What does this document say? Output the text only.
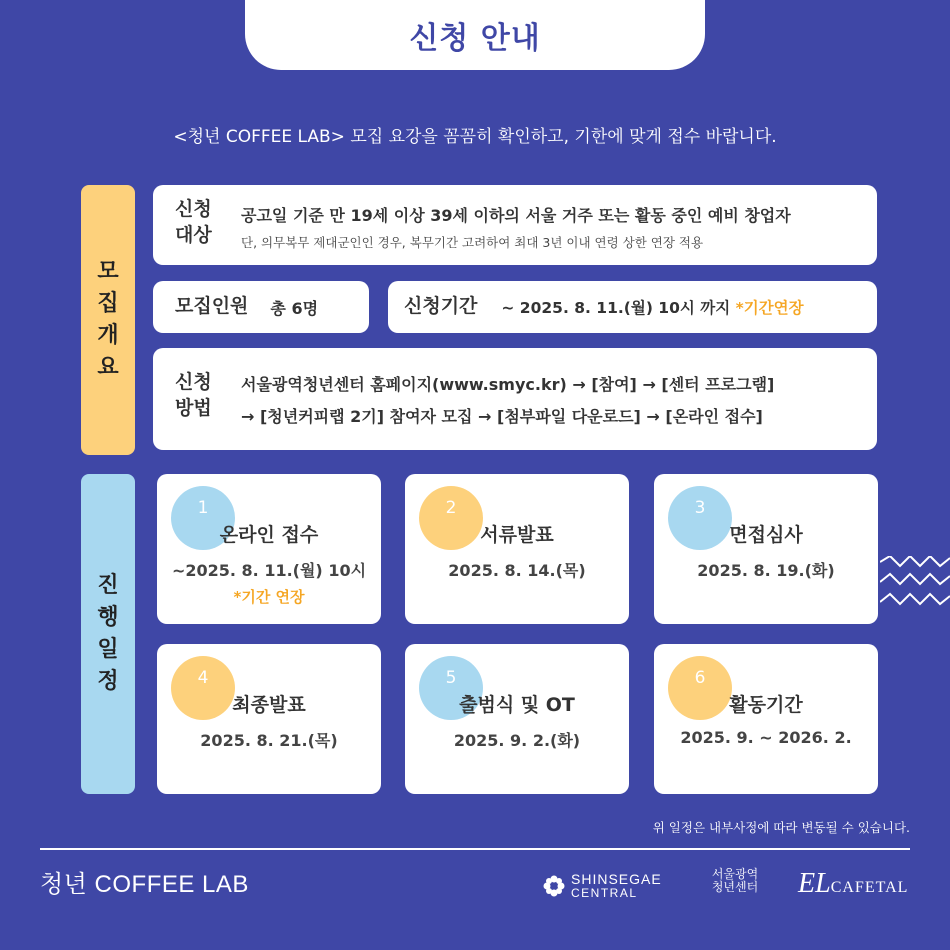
신청 안내
<청년 COFFEE LAB> 모집 요강을 꼼꼼히 확인하고, 기한에 맞게 접수 바랍니다.
모
집
개
요
신청
대상
공고일 기준 만 19세 이상 39세 이하의 서울 거주 또는 활동 중인 예비 창업자
단, 의무복무 제대군인인 경우, 복무기간 고려하여 최대 3년 이내 연령 상한 연장 적용
모집인원 총 6명	신청기간 ~ 2025. 8. 11.(월) 10시 까지 *기간연장
신청
방법
서울광역청년센터 홈페이지(www.smyc.kr) → [참여] → [센터 프로그램]
→ [청년커피랩 2기] 참여자 모집 → [첨부파일 다운로드] → [온라인 접수]
진
행
일
정
1
온라인 접수
~2025. 8. 11.(월) 10시
*기간 연장
2
서류발표
2025. 8. 14.(목)
3
면접심사
2025. 8. 19.(화)
4
최종발표
2025. 8. 21.(목)
5
출범식 및 OT
2025. 9. 2.(화)
6
활동기간
2025. 9. ~ 2026. 2.
위 일정은 내부사정에 따라 변동될 수 있습니다.
청년 COFFEE LAB	SHINSEGAE
CENTRAL
서울광역
청년센터	ELCAFETAL
